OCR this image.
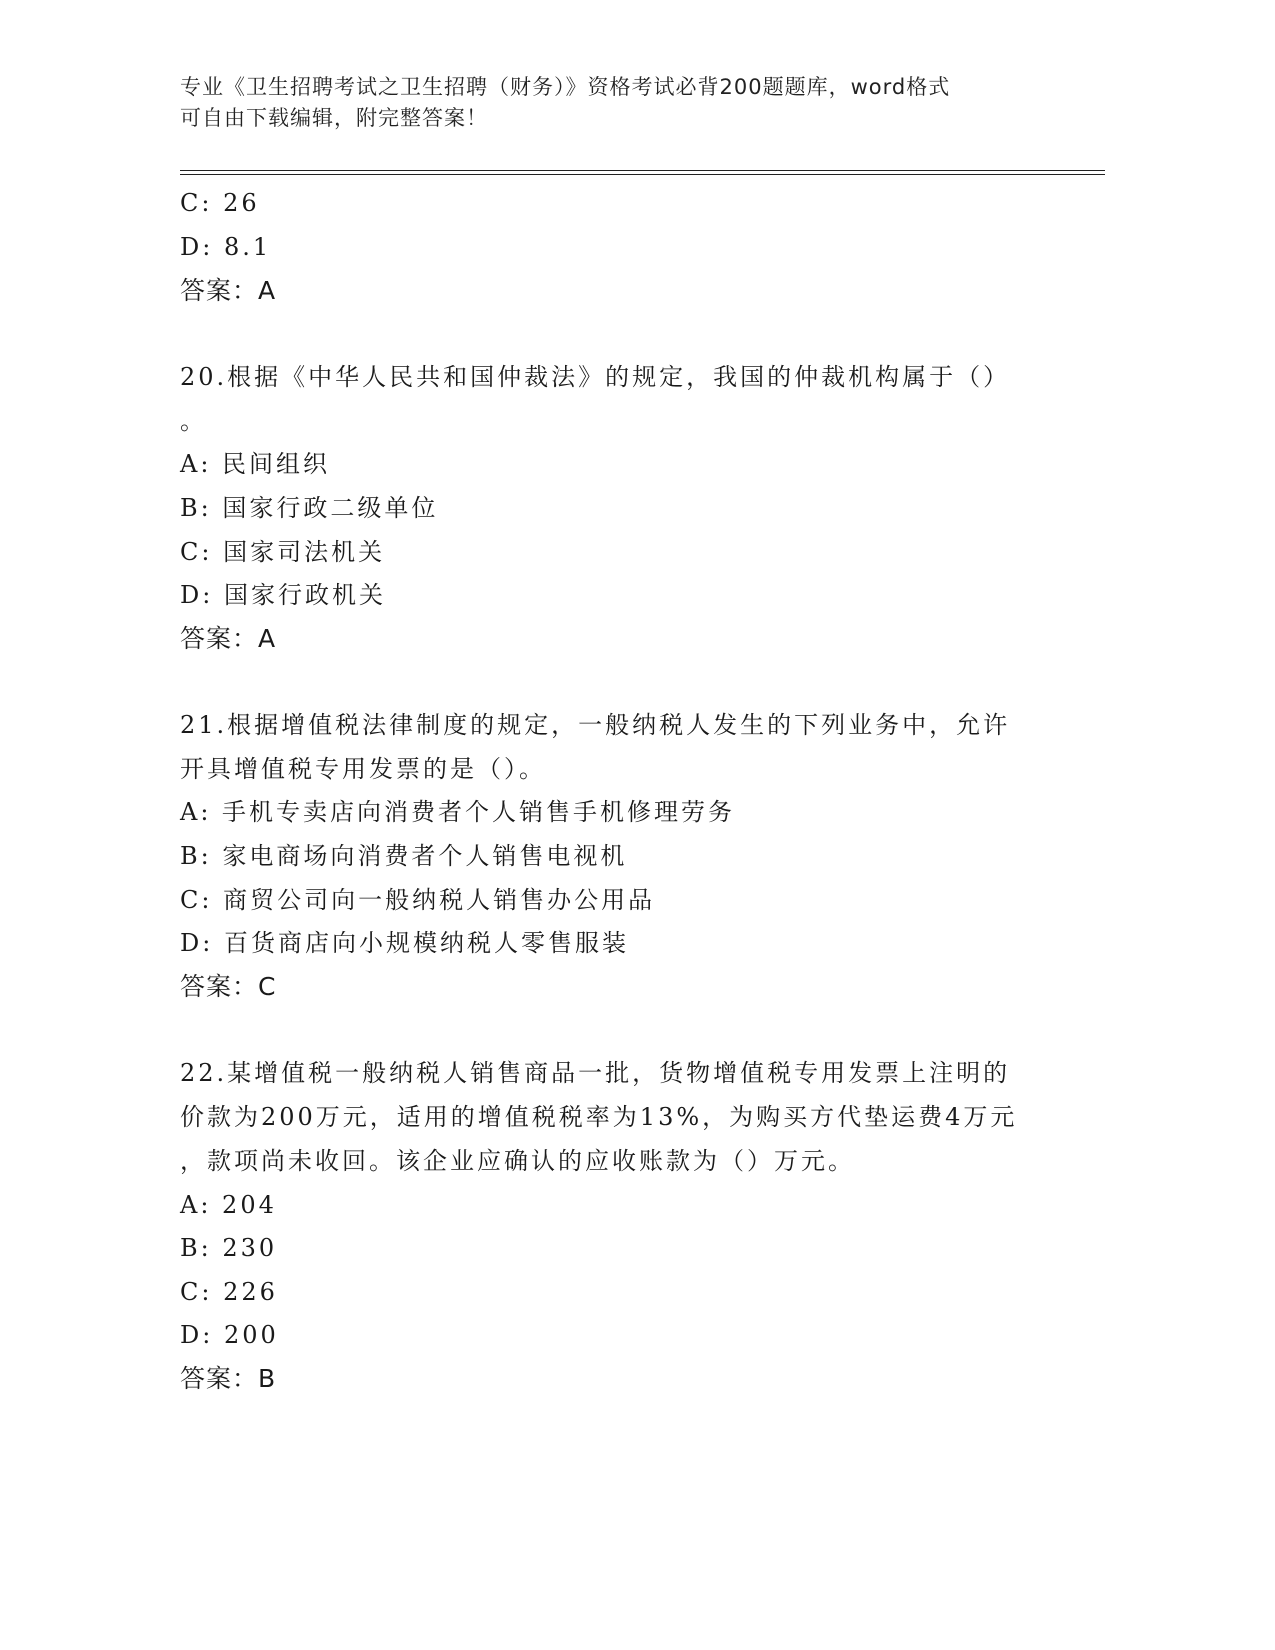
专业《卫生招聘考试之卫生招聘（财务）》资格考试必背200题题库，word格式
可自由下载编辑，附完整答案！
C: 26
D: 8.1
答案：A
20.根据《中华人民共和国仲裁法》的规定，我国的仲裁机构属于（）
。
A: 民间组织
B: 国家行政二级单位
C: 国家司法机关
D: 国家行政机关
答案：A
21.根据增值税法律制度的规定，一般纳税人发生的下列业务中，允许
开具增值税专用发票的是（）。
A: 手机专卖店向消费者个人销售手机修理劳务
B: 家电商场向消费者个人销售电视机
C: 商贸公司向一般纳税人销售办公用品
D: 百货商店向小规模纳税人零售服装
答案：C
22.某增值税一般纳税人销售商品一批，货物增值税专用发票上注明的
价款为200万元，适用的增值税税率为13%，为购买方代垫运费4万元
，款项尚未收回。该企业应确认的应收账款为（）万元。
A: 204
B: 230
C: 226
D: 200
答案：B
